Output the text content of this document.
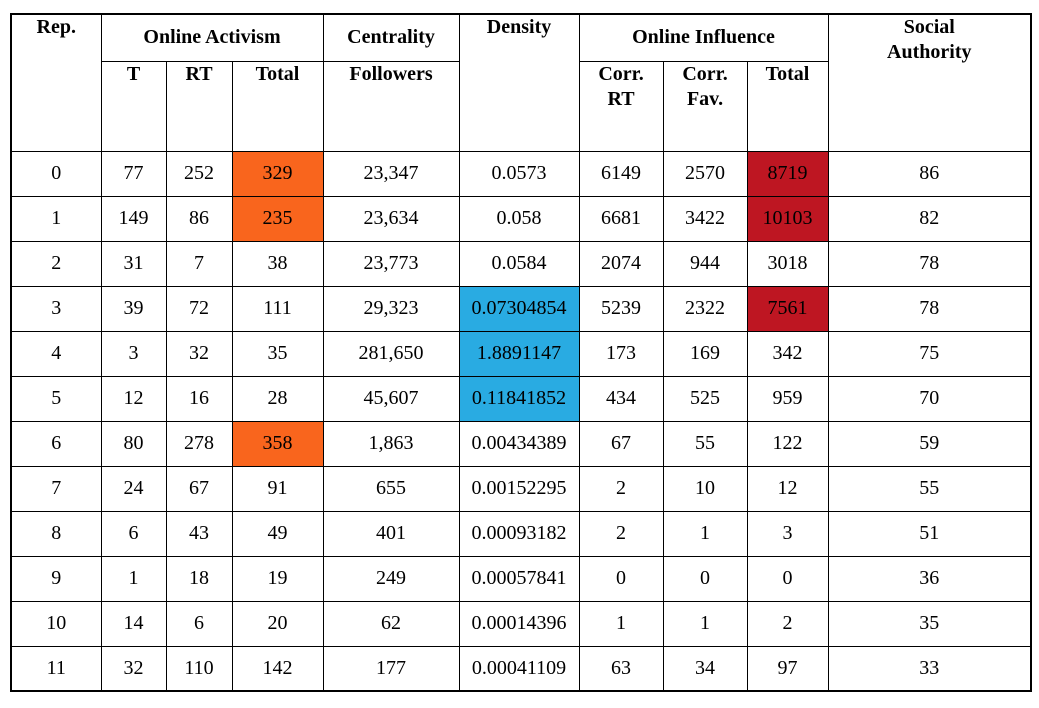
Rep.	Online Activism			Centrality	Density	Online Influence			Social Authority
	T	RT	Total	Followers		Corr. RT	Corr. Fav.	Total	
0	77	252	329	23,347	0.0573	6149	2570	8719	86
1	149	86	235	23,634	0.058	6681	3422	10103	82
2	31	7	38	23,773	0.0584	2074	944	3018	78
3	39	72	111	29,323	0.07304854	5239	2322	7561	78
4	3	32	35	281,650	1.8891147	173	169	342	75
5	12	16	28	45,607	0.11841852	434	525	959	70
6	80	278	358	1,863	0.00434389	67	55	122	59
7	24	67	91	655	0.00152295	2	10	12	55
8	6	43	49	401	0.00093182	2	1	3	51
9	1	18	19	249	0.00057841	0	0	0	36
10	14	6	20	62	0.00014396	1	1	2	35
11	32	110	142	177	0.00041109	63	34	97	33
